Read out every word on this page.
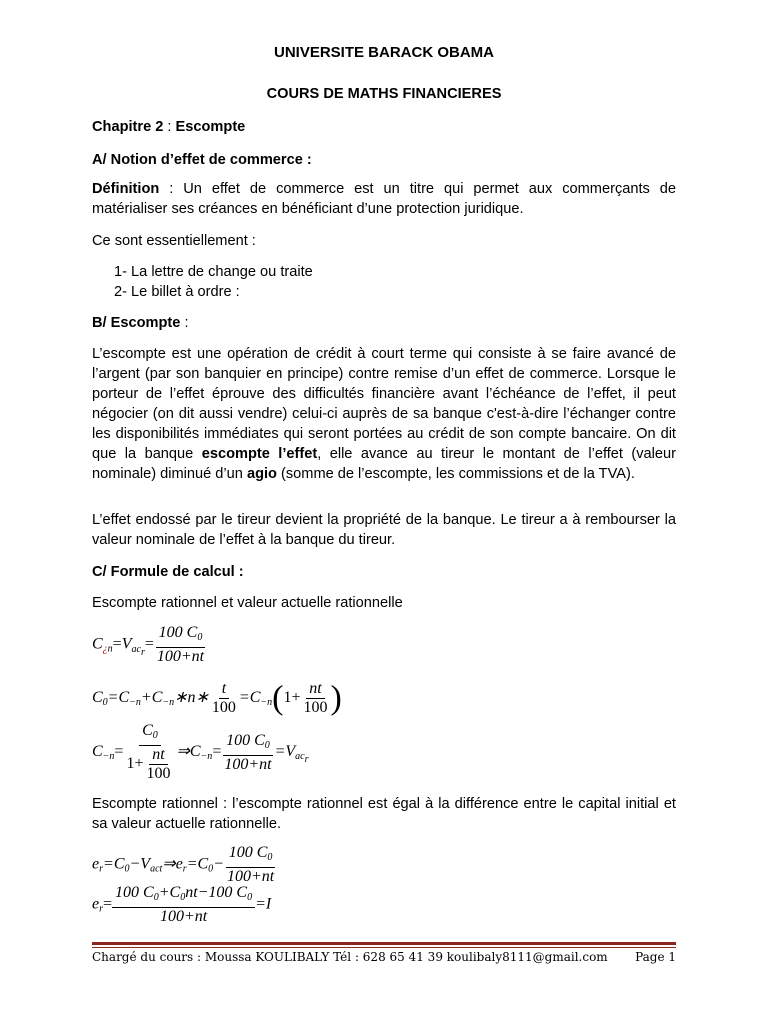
UNIVERSITE BARACK OBAMA
COURS DE MATHS FINANCIERES
Chapitre 2 : Escompte
A/ Notion d’effet de commerce :
Définition : Un effet de commerce est un titre qui permet aux commerçants de matérialiser ses créances en bénéficiant d’une protection juridique.
Ce sont essentiellement :
1- La lettre de change ou traite
2- Le billet à ordre :
B/ Escompte :
L’escompte est une opération de crédit à court terme qui consiste à se faire avancé de l’argent (par son banquier en principe) contre remise d’un effet de commerce. Lorsque le porteur de l’effet éprouve des difficultés financière avant l’échéance de l’effet, il peut négocier (on dit aussi vendre) celui-ci auprès de sa banque c'est-à-dire l’échanger contre les disponibilités immédiates qui seront portées au crédit de son compte bancaire. On dit que la banque escompte l’effet, elle avance au tireur le montant de l’effet (valeur nominale) diminué d’un agio (somme de l’escompte, les commissions et de la TVA).
L’effet endossé par le tireur devient la propriété de la banque. Le tireur a à rembourser la valeur nominale de l’effet à la banque du tireur.
C/ Formule de calcul :
Escompte rationnel et valeur actuelle rationnelle
$C_{¿n}=V_{ac_r}= \frac{100 C_0}{100+nt}$
$C_0=C_{-n}+C_{-n}∗n∗ \frac{t}{100} =C_{-n}(1+ \frac{nt}{100}$ )
$C_{-n}= \frac{C_0}{1+ \frac{nt}{100}}$ $\Rightarrow C_{-n}= \frac{100 C_0}{100+nt} =V_{ac_r}$
Escompte rationnel : l’escompte rationnel est égal à la différence entre le capital initial et sa valeur actuelle rationnelle.
$e_r=C_0-V_{act}\Rightarrow e_r=C_0- \frac{100 C_0}{100+nt}$
$e_r= \frac{100 C_0+C_0nt-100 C_0}{100+nt} =I$
Chargé du cours : Moussa KOULIBALY Tél : 628 65 41 39 koulibaly8111@gmail.com Page 1
